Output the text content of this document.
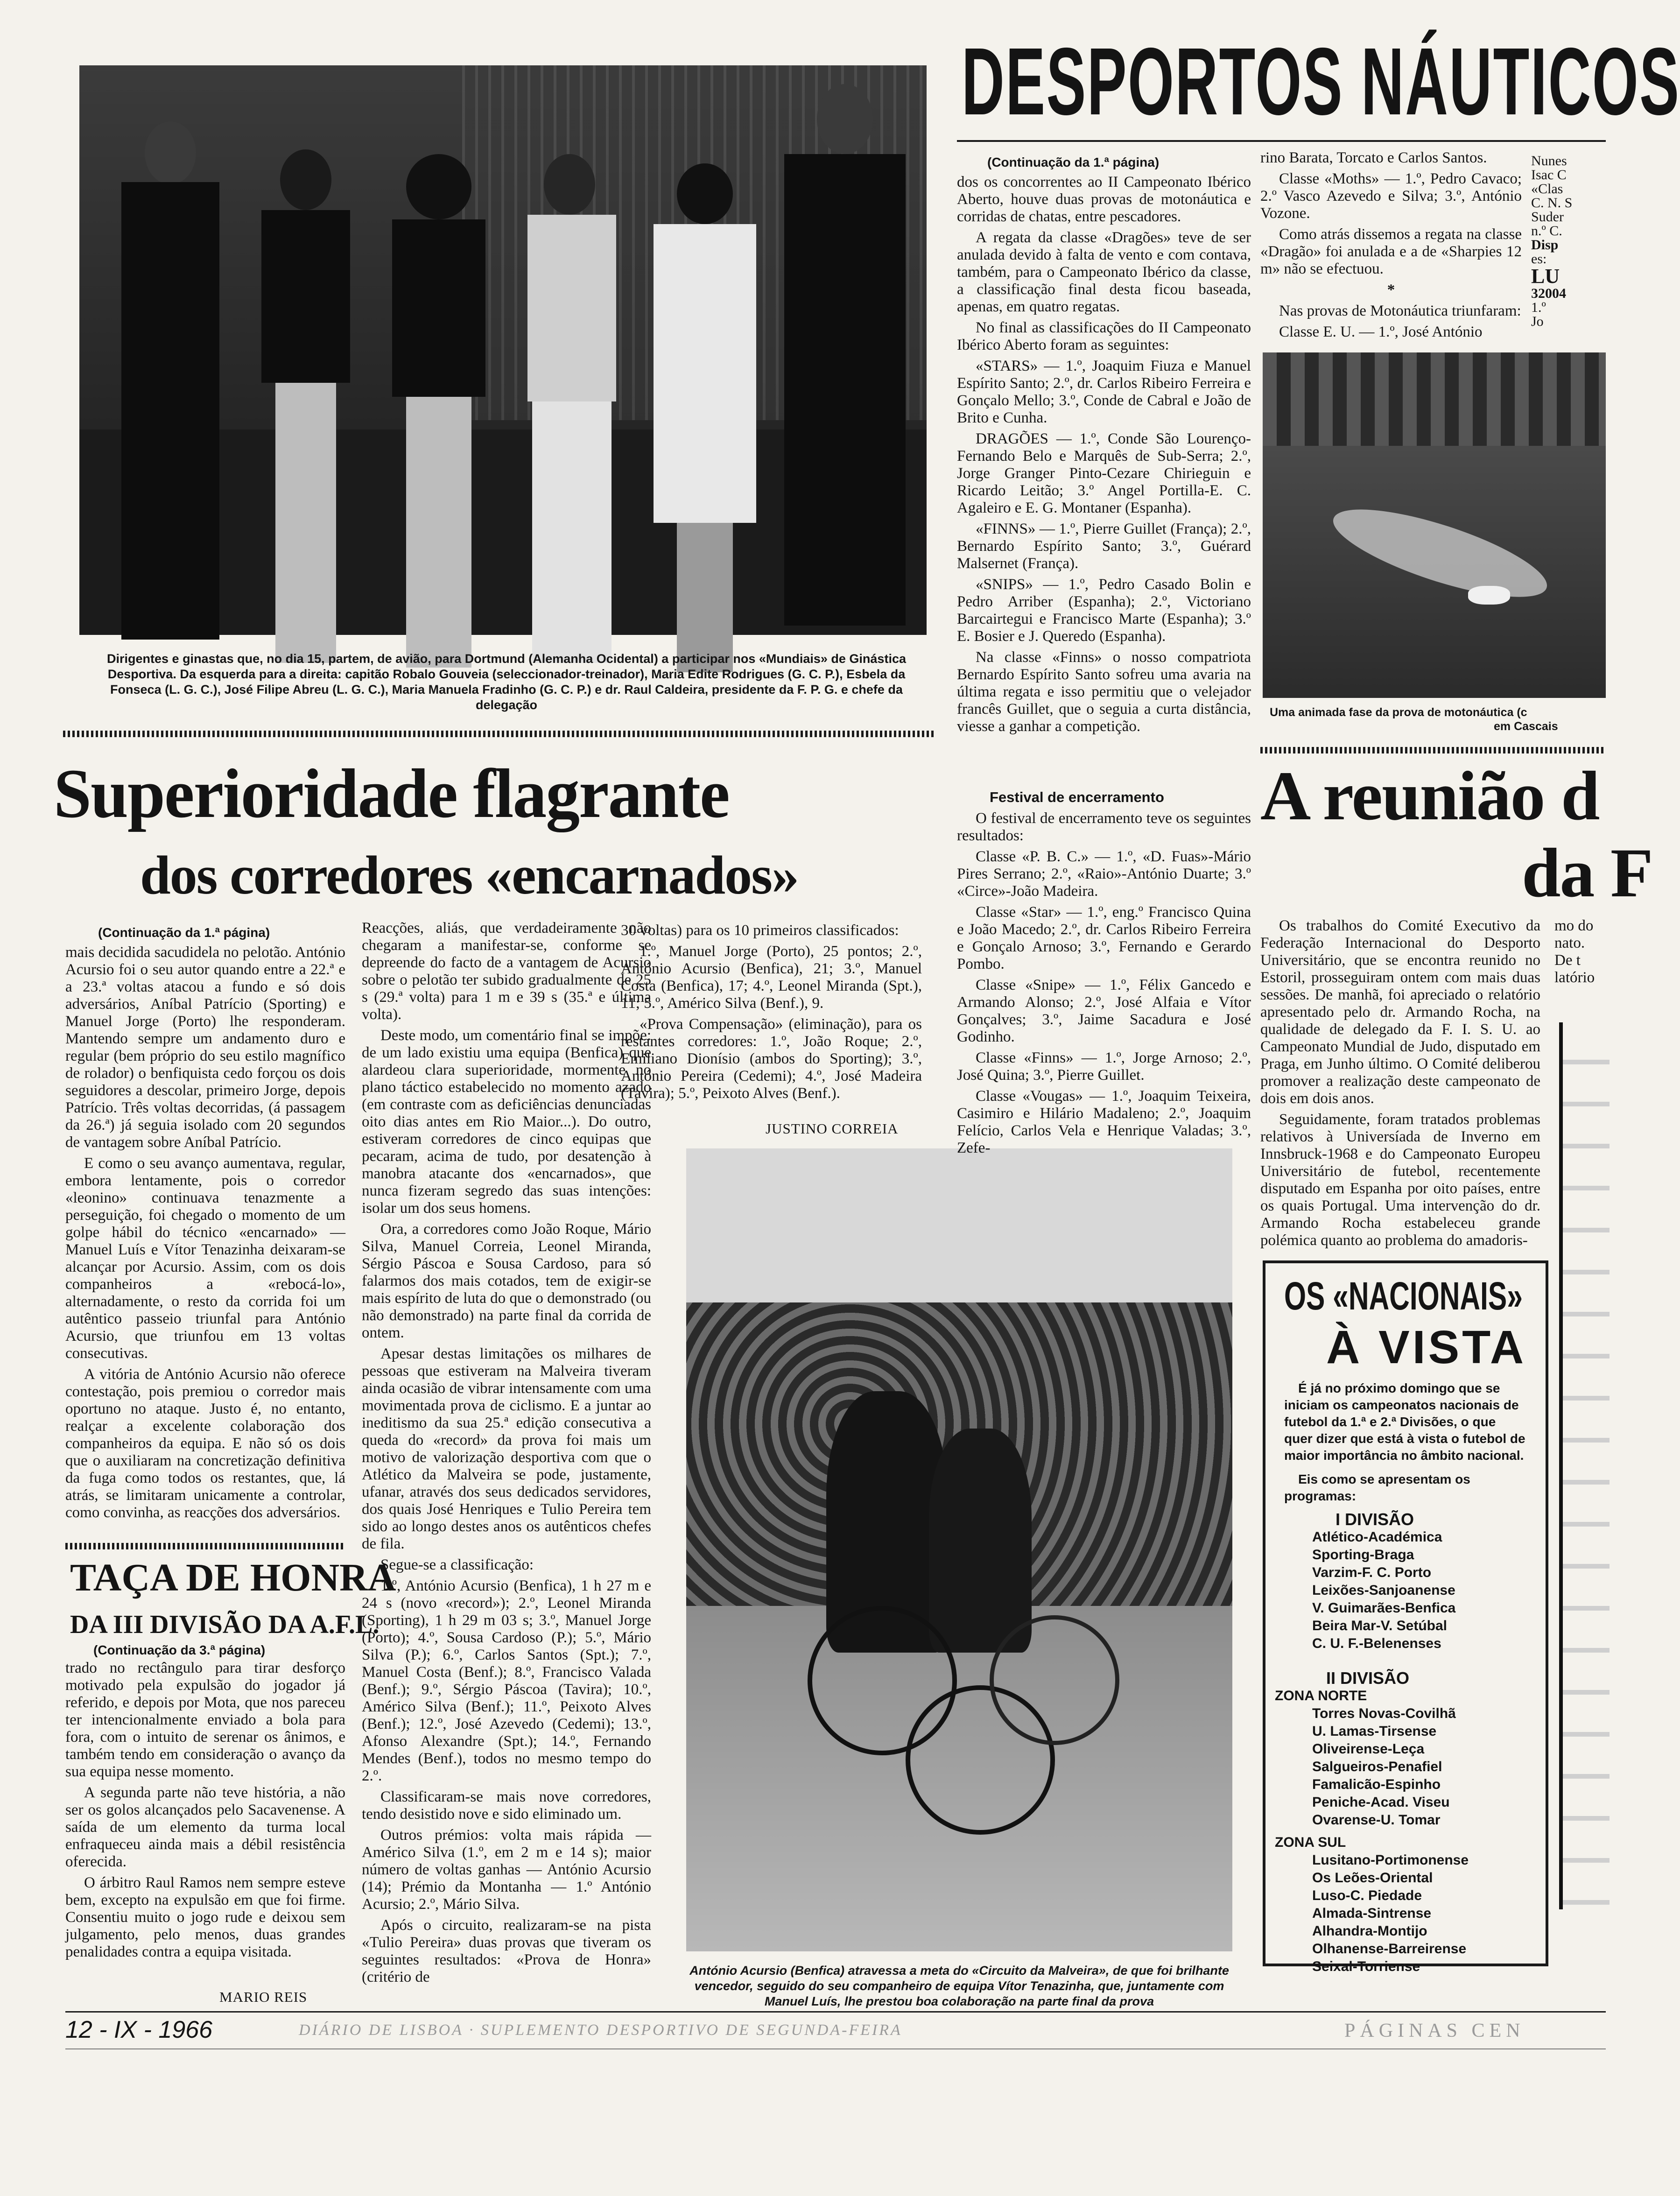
Dirigentes e ginastas que, no dia 15, partem, de avião, para Dortmund (Alemanha Ocidental) a participar nos «Mundiais» de Ginástica Desportiva. Da esquerda para a direita: capitão Robalo Gouveia (seleccionador-treinador), Maria Edite Rodrigues (G. C. P.), Esbela da Fonseca (L. G. C.), José Filipe Abreu (L. G. C.), Maria Manuela Fradinho (G. C. P.) e dr. Raul Caldeira, presidente da F. P. G. e chefe da delegação
Superioridade flagrante
dos corredores «encarnados»
(Continuação da 1.ª página)

mais decidida sacudidela no pelotão. António Acursio foi o seu autor quando entre a 22.ª e a 23.ª voltas atacou a fundo e só dois adversários, Aníbal Patrício (Sporting) e Manuel Jorge (Porto) lhe responderam. Mantendo sempre um andamento duro e regular (bem próprio do seu estilo magnífico de rolador) o benfiquista cedo forçou os dois seguidores a descolar, primeiro Jorge, depois Patrício. Três voltas decorridas, (á passagem da 26.ª) já seguia isolado com 20 segundos de vantagem sobre Aníbal Patrício.

E como o seu avanço aumentava, regular, embora lentamente, pois o corredor «leonino» continuava tenazmente a perseguição, foi chegado o momento de um golpe hábil do técnico «encarnado» — Manuel Luís e Vítor Tenazinha deixaram-se alcançar por Acursio. Assim, com os dois companheiros a «rebocá-lo», alternadamente, o resto da corrida foi um autêntico passeio triunfal para António Acursio, que triunfou em 13 voltas consecutivas.

A vitória de António Acursio não oferece contestação, pois premiou o corredor mais oportuno no ataque. Justo é, no entanto, realçar a excelente colaboração dos companheiros da equipa. E não só os dois que o auxiliaram na concretização definitiva da fuga como todos os restantes, que, lá atrás, se limitaram unicamente a controlar, como convinha, as reacções dos adversários.

Reacções, aliás, que verdadeiramente não chegaram a manifestar-se, conforme se depreende do facto de a vantagem de Acursio sobre o pelotão ter subido gradualmente de 25 s (29.ª volta) para 1 m e 39 s (35.ª e última volta).

Deste modo, um comentário final se impõe: de um lado existiu uma equipa (Benfica) que alardeou clara superioridade, mormente no plano táctico estabelecido no momento azado (em contraste com as deficiências denunciadas oito dias antes em Rio Maior...). Do outro, estiveram corredores de cinco equipas que pecaram, acima de tudo, por desatenção à manobra atacante dos «encarnados», que nunca fizeram segredo das suas intenções: isolar um dos seus homens.

Ora, a corredores como João Roque, Mário Silva, Manuel Correia, Leonel Miranda, Sérgio Páscoa e Sousa Cardoso, para só falarmos dos mais cotados, tem de exigir-se mais espírito de luta do que o demonstrado (ou não demonstrado) na parte final da corrida de ontem.

Apesar destas limitações os milhares de pessoas que estiveram na Malveira tiveram ainda ocasião de vibrar intensamente com uma movimentada prova de ciclismo. E a juntar ao ineditismo da sua 25.ª edição consecutiva a queda do «record» da prova foi mais um motivo de valorização desportiva com que o Atlético da Malveira se pode, justamente, ufanar, através dos seus dedicados servidores, dos quais José Henriques e Tulio Pereira tem sido ao longo destes anos os autênticos chefes de fila.

Segue-se a classificação:

1.º, António Acursio (Benfica), 1 h 27 m e 24 s (novo «record»); 2.º, Leonel Miranda (Sporting), 1 h 29 m 03 s; 3.º, Manuel Jorge (Porto); 4.º, Sousa Cardoso (P.); 5.º, Mário Silva (P.); 6.º, Carlos Santos (Spt.); 7.º, Manuel Costa (Benf.); 8.º, Francisco Valada (Benf.); 9.º, Sérgio Páscoa (Tavira); 10.º, Américo Silva (Benf.); 11.º, Peixoto Alves (Benf.); 12.º, José Azevedo (Cedemi); 13.º, Afonso Alexandre (Spt.); 14.º, Fernando Mendes (Benf.), todos no mesmo tempo do 2.º.

Classificaram-se mais nove corredores, tendo desistido nove e sido eliminado um.

Outros prémios: volta mais rápida — Américo Silva (1.º, em 2 m e 14 s); maior número de voltas ganhas — António Acursio (14); Prémio da Montanha — 1.º António Acursio; 2.º, Mário Silva.

Após o circuito, realizaram-se na pista «Tulio Pereira» duas provas que tiveram os seguintes resultados: «Prova de Honra» (critério de

30 voltas) para os 10 primeiros classificados:

1.º, Manuel Jorge (Porto), 25 pontos; 2.º, António Acursio (Benfica), 21; 3.º, Manuel Costa (Benfica), 17; 4.º, Leonel Miranda (Spt.), 11; 5.º, Américo Silva (Benf.), 9.

«Prova Compensação» (eliminação), para os restantes corredores: 1.º, João Roque; 2.º, Emiliano Dionísio (ambos do Sporting); 3.º, António Pereira (Cedemi); 4.º, José Madeira (Tavira); 5.º, Peixoto Alves (Benf.).

JUSTINO CORREIA
António Acursio (Benfica) atravessa a meta do «Circuito da Malveira», de que foi brilhante vencedor, seguido do seu companheiro de equipa Vítor Tenazinha, que, juntamente com Manuel Luís, lhe prestou boa colaboração na parte final da prova
TAÇA DE HONRA
DA III DIVISÃO DA A.F.L.
(Continuação da 3.ª página)

trado no rectângulo para tirar desforço motivado pela expulsão do jogador já referido, e depois por Mota, que nos pareceu ter intencionalmente enviado a bola para fora, com o intuito de serenar os ânimos, e também tendo em consideração o avanço da sua equipa nesse momento.

A segunda parte não teve história, a não ser os golos alcançados pelo Sacavenense. A saída de um elemento da turma local enfraqueceu ainda mais a débil resistência oferecida.

O árbitro Raul Ramos nem sempre esteve bem, excepto na expulsão em que foi firme. Consentiu muito o jogo rude e deixou sem julgamento, pelo menos, duas grandes penalidades contra a equipa visitada.

MARIO REIS
DESPORTOS NÁUTICOS
(Continuação da 1.ª página)

dos os concorrentes ao II Campeonato Ibérico Aberto, houve duas provas de motonáutica e corridas de chatas, entre pescadores.

A regata da classe «Dragões» teve de ser anulada devido à falta de vento e com contava, também, para o Campeonato Ibérico da classe, a classificação final desta ficou baseada, apenas, em quatro regatas.

No final as classificações do II Campeonato Ibérico Aberto foram as seguintes:

«STARS» — 1.º, Joaquim Fiuza e Manuel Espírito Santo; 2.º, dr. Carlos Ribeiro Ferreira e Gonçalo Mello; 3.º, Conde de Cabral e João de Brito e Cunha.

DRAGÕES — 1.º, Conde São Lourenço-Fernando Belo e Marquês de Sub-Serra; 2.º, Jorge Granger Pinto-Cezare Chirieguin e Ricardo Leitão; 3.º Angel Portilla-E. C. Agaleiro e E. G. Montaner (Espanha).

«FINNS» — 1.º, Pierre Guillet (França); 2.º, Bernardo Espírito Santo; 3.º, Guérard Malsernet (França).

«SNIPS» — 1.º, Pedro Casado Bolin e Pedro Arriber (Espanha); 2.º, Victoriano Barcairtegui e Francisco Marte (Espanha); 3.º E. Bosier e J. Queredo (Espanha).

Na classe «Finns» o nosso compatriota Bernardo Espírito Santo sofreu uma avaria na última regata e isso permitiu que o velejador francês Guillet, que o seguia a curta distância, viesse a ganhar a competição.

Festival de encerramento

O festival de encerramento teve os seguintes resultados:

Classe «P. B. C.» — 1.º, «D. Fuas»-Mário Pires Serrano; 2.º, «Raio»-António Duarte; 3.º «Circe»-João Madeira.

Classe «Star» — 1.º, eng.º Francisco Quina e João Macedo; 2.º, dr. Carlos Ribeiro Ferreira e Gonçalo Arnoso; 3.º, Fernando e Gerardo Pombo.

Classe «Snipe» — 1.º, Félix Gancedo e Armando Alonso; 2.º, José Alfaia e Vítor Gonçalves; 3.º, Jaime Sacadura e José Godinho.

Classe «Finns» — 1.º, Jorge Arnoso; 2.º, José Quina; 3.º, Pierre Guillet.

Classe «Vougas» — 1.º, Joaquim Teixeira, Casimiro e Hilário Madaleno; 2.º, Joaquim Felício, Carlos Vela e Henrique Valadas; 3.º, Zefe-

rino Barata, Torcato e Carlos Santos.

Classe «Moths» — 1.º, Pedro Cavaco; 2.º Vasco Azevedo e Silva; 3.º, António Vozone.

Como atrás dissemos a regata na classe «Dragão» foi anulada e a de «Sharpies 12 m» não se efectuou.

*

Nas provas de Motonáutica triunfaram:

Classe E. U. — 1.º, José António

Nunes
Isac C
«Clas
C. N. S
Suder
n.º C.
Disp
es:
LU
32004
1.º
Jo
Uma animada fase da prova de motonáutica (c
em Cascais
A reunião d
da F

Os trabalhos do Comité Executivo da Federação Internacional do Desporto Universitário, que se encontra reunido no Estoril, prosseguiram ontem com mais duas sessões. De manhã, foi apreciado o relatório apresentado pelo dr. Armando Rocha, na qualidade de delegado da F. I. S. U. ao Campeonato Mundial de Judo, disputado em Praga, em Junho último. O Comité deliberou promover a realização deste campeonato de dois em dois anos.

Seguidamente, foram tratados problemas relativos à Universíada de Inverno em Innsbruck-1968 e do Campeonato Europeu Universitário de futebol, recentemente disputado em Espanha por oito países, entre os quais Portugal. Uma intervenção do dr. Armando Rocha estabeleceu grande polémica quanto ao problema do amadoris-

mo do
nato.
De t
latório
OS «NACIONAIS»
À VISTA
É já no próximo domingo que se iniciam os campeonatos nacionais de futebol da 1.ª e 2.ª Divisões, o que quer dizer que está à vista o futebol de maior importância no âmbito nacional.
Eis como se apresentam os programas:
I DIVISÃO
Atlético-Académica
Sporting-Braga
Varzim-F. C. Porto
Leixões-Sanjoanense
V. Guimarães-Benfica
Beira Mar-V. Setúbal
C. U. F.-Belenenses
II DIVISÃO
ZONA NORTE
Torres Novas-Covilhã
U. Lamas-Tirsense
Oliveirense-Leça
Salgueiros-Penafiel
Famalicão-Espinho
Peniche-Acad. Viseu
Ovarense-U. Tomar
ZONA SUL
Lusitano-Portimonense
Os Leões-Oriental
Luso-C. Piedade
Almada-Sintrense
Alhandra-Montijo
Olhanense-Barreirense
Seixal-Torriense
12 - IX - 1966	DIÁRIO DE LISBOA · SUPLEMENTO DESPORTIVO DE SEGUNDA-FEIRA	PÁGINAS CEN
